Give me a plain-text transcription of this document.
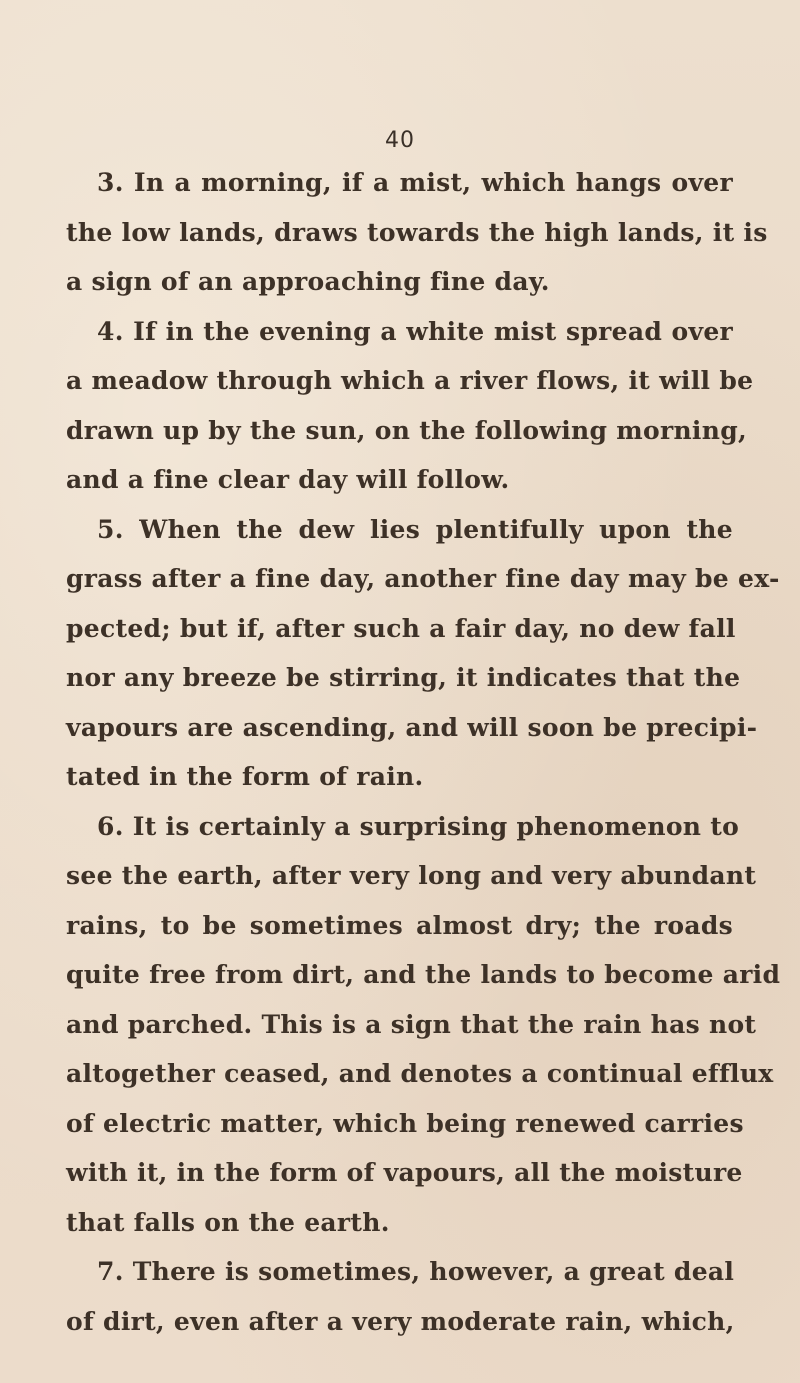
40
3. In a morning, if a mist, which hangs over
the low lands, draws towards the high lands, it is
a sign of an approaching fine day.
4. If in the evening a white mist spread over
a meadow through which a river flows, it will be
drawn up by the sun, on the following morning,
and a fine clear day will follow.
5. When the dew lies plentifully upon the
grass after a fine day, another fine day may be ex-
pected; but if, after such a fair day, no dew fall
nor any breeze be stirring, it indicates that the
vapours are ascending, and will soon be precipi-
tated in the form of rain.
6. It is certainly a surprising phenomenon to
see the earth, after very long and very abundant
rains, to be sometimes almost dry; the roads
quite free from dirt, and the lands to become arid
and parched. This is a sign that the rain has not
altogether ceased, and denotes a continual efflux
of electric matter, which being renewed carries
with it, in the form of vapours, all the moisture
that falls on the earth.
7. There is sometimes, however, a great deal
of dirt, even after a very moderate rain, which,
